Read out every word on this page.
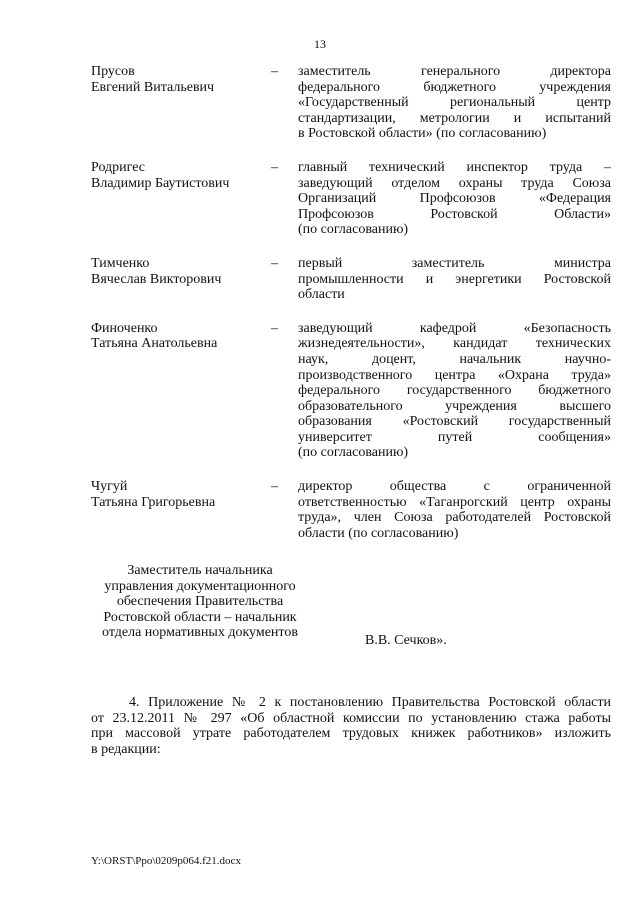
13
Прусов
Евгений Витальевич
–	заместитель генерального директора
федерального бюджетного учреждения
«Государственный региональный центр
стандартизации, метрологии и испытаний
в Ростовской области» (по согласованию)
Родригес
Владимир Баутистович
–	главный технический инспектор труда –
заведующий отделом охраны труда Союза
Организаций Профсоюзов «Федерация
Профсоюзов Ростовской Области»
(по согласованию)
Тимченко
Вячеслав Викторович
–	первый заместитель министра
промышленности и энергетики Ростовской
области
Финоченко
Татьяна Анатольевна
–	заведующий кафедрой «Безопасность
жизнедеятельности», кандидат технических
наук, доцент, начальник научно-
производственного центра «Охрана труда»
федерального государственного бюджетного
образовательного учреждения высшего
образования «Ростовский государственный
университет путей сообщения»
(по согласованию)
Чугуй
Татьяна Григорьевна
–	директор общества с ограниченной
ответственностью «Таганрогский центр охраны
труда», член Союза работодателей Ростовской
области (по согласованию)
Заместитель начальника
управления документационного
обеспечения Правительства
Ростовской области – начальник
отдела нормативных документов
В.В. Сечков».
4. Приложение № 2 к постановлению Правительства Ростовской области
от 23.12.2011 № 297 «Об областной комиссии по установлению стажа работы
при массовой утрате работодателем трудовых книжек работников» изложить
в редакции:
Y:\ORST\Ppo\0209p064.f21.docx
